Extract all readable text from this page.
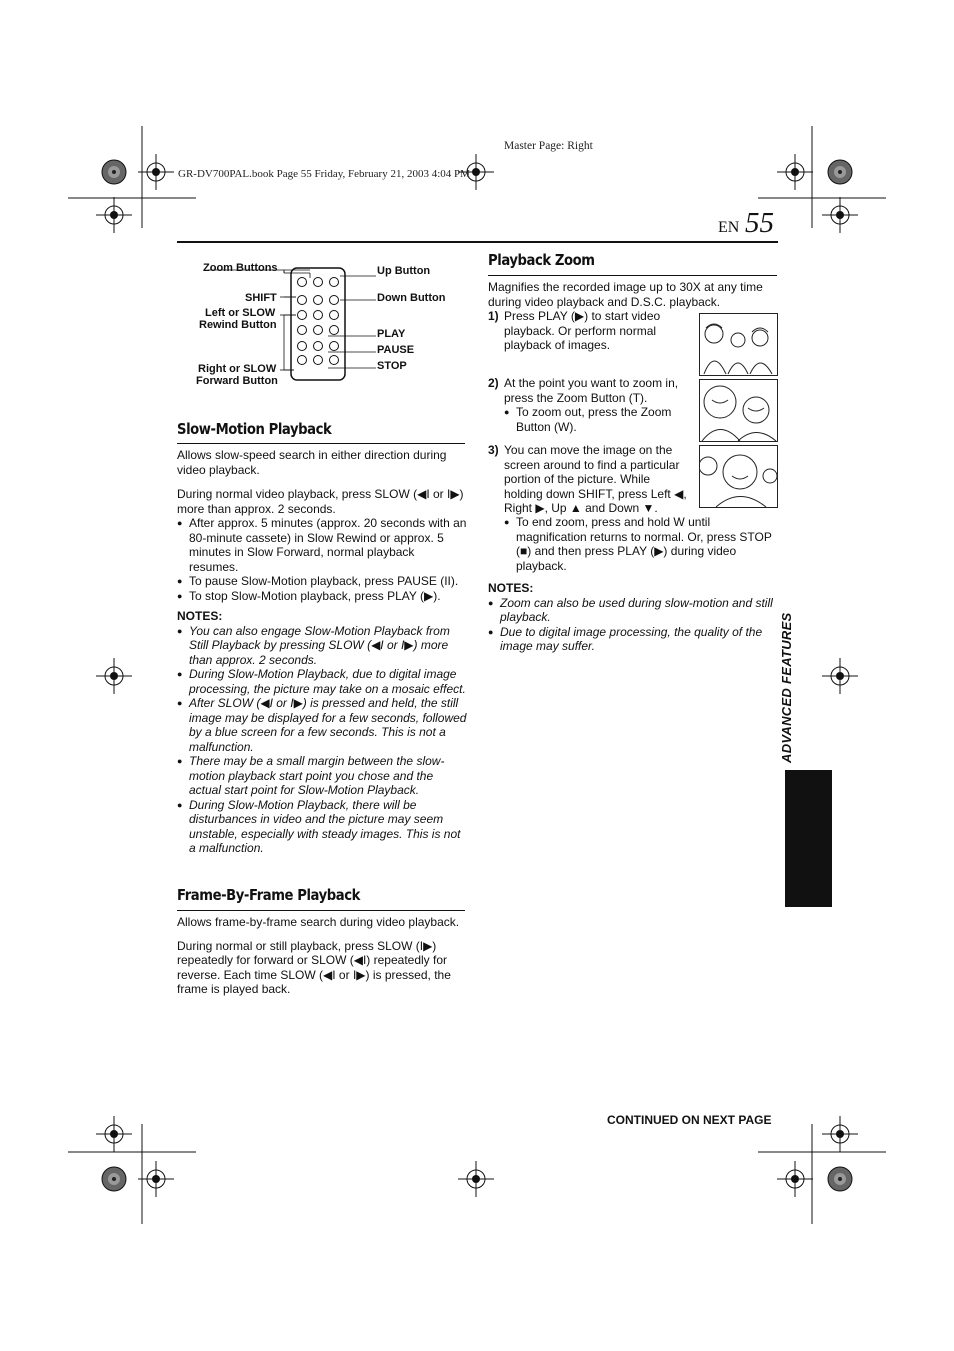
Master Page: Right
GR-DV700PAL.book Page 55 Friday, February 21, 2003 4:04 PM
EN 55
Zoom Buttons
SHIFT
Left or SLOW
Rewind Button
Right or SLOW
Forward Button
Up Button
Down Button
PLAY
PAUSE
STOP
Slow-Motion Playback

Allows slow-speed search in either direction during video playback.

During normal video playback, press SLOW (◀I or I▶) more than approx. 2 seconds.

● After approx. 5 minutes (approx. 20 seconds with an 80-minute cassete) in Slow Rewind or approx. 5 minutes in Slow Forward, normal playback resumes.

● To pause Slow-Motion playback, press PAUSE (II).

● To stop Slow-Motion playback, press PLAY (▶).

NOTES:

● You can also engage Slow-Motion Playback from Still Playback by pressing SLOW (◀I or I▶) more than approx. 2 seconds.

● During Slow-Motion Playback, due to digital image processing, the picture may take on a mosaic effect.

● After SLOW (◀I or I▶) is pressed and held, the still image may be displayed for a few seconds, followed by a blue screen for a few seconds. This is not a malfunction.

● There may be a small margin between the slow-motion playback start point you chose and the actual start point for Slow-Motion Playback.

● During Slow-Motion Playback, there will be disturbances in video and the picture may seem unstable, especially with steady images. This is not a malfunction.

Frame-By-Frame Playback

Allows frame-by-frame search during video playback.

During normal or still playback, press SLOW (I▶) repeatedly for forward or SLOW (◀I) repeatedly for reverse. Each time SLOW (◀I or I▶) is pressed, the frame is played back.

Playback Zoom
Magnifies the recorded image up to 30X at any time during video playback and D.S.C. playback.
1) Press PLAY (▶) to start video playback. Or perform normal playback of images.
2) At the point you want to zoom in, press the Zoom Button (T).

● To zoom out, press the Zoom Button (W).

3) You can move the image on the screen around to find a particular portion of the picture. While holding down SHIFT, press Left ◀, Right ▶, Up ▲ and Down ▼.

● To end zoom, press and hold W until magnification returns to normal. Or, press STOP (■) and then press PLAY (▶) during video playback.

NOTES:

● Zoom can also be used during slow-motion and still playback.

● Due to digital image processing, the quality of the image may suffer.	ADVANCED FEATURES
CONTINUED ON NEXT PAGE
